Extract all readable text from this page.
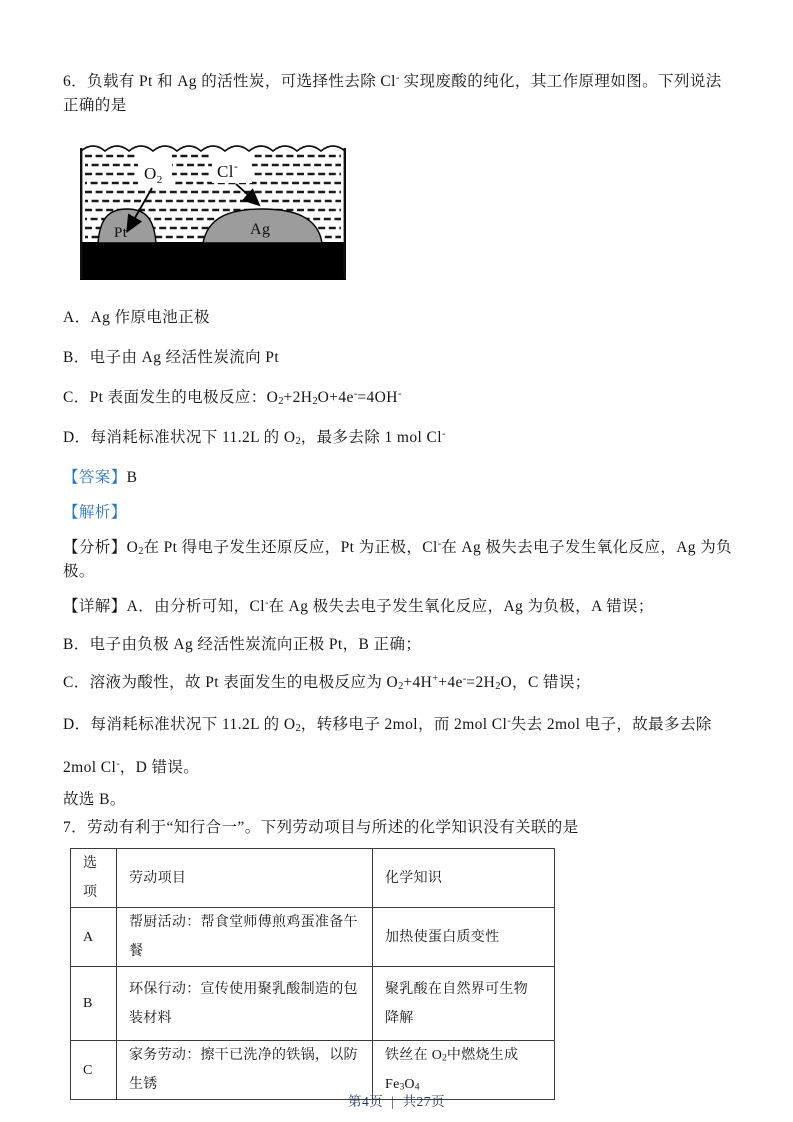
6．负载有 Pt 和 Ag 的活性炭，可选择性去除 Cl- 实现废酸的纯化，其工作原理如图。下列说法正确的是

$O_2$	Cl-
Pt	Ag

A．Ag 作原电池正极

B．电子由 Ag 经活性炭流向 Pt

C．Pt 表面发生的电极反应：$O_2+2H_2O+4e^-=4OH^-$

D．每消耗标准状况下 11.2L 的 $O_2$，最多去除 1 mol Cl-

【答案】B

【解析】

【分析】$O_2$在 Pt 得电子发生还原反应，Pt 为正极，Cl-在 Ag 极失去电子发生氧化反应，Ag 为负极。

【详解】A．由分析可知，Cl-在 Ag 极失去电子发生氧化反应，Ag 为负极，A 错误；

B．电子由负极 Ag 经活性炭流向正极 Pt，B 正确；

C．溶液为酸性，故 Pt 表面发生的电极反应为 $O_2+4H^++4e^-=2H_2O$，C 错误；

D．每消耗标准状况下 11.2L 的 $O_2$，转移电子 2mol，而 2mol Cl-失去 2mol 电子，故最多去除

2mol Cl-，D 错误。

故选 B。

7．劳动有利于“知行合一”。下列劳动项目与所述的化学知识没有关联的是

选项	劳动项目	化学知识
A	帮厨活动：帮食堂师傅煎鸡蛋准备午餐	加热使蛋白质变性
B	环保行动：宣传使用聚乳酸制造的包装材料	聚乳酸在自然界可生物降解
C	家务劳动：擦干已洗净的铁锅，以防生锈	铁丝在 $O_2$中燃烧生成 $Fe_3O_4$
第4页 | 共27页
